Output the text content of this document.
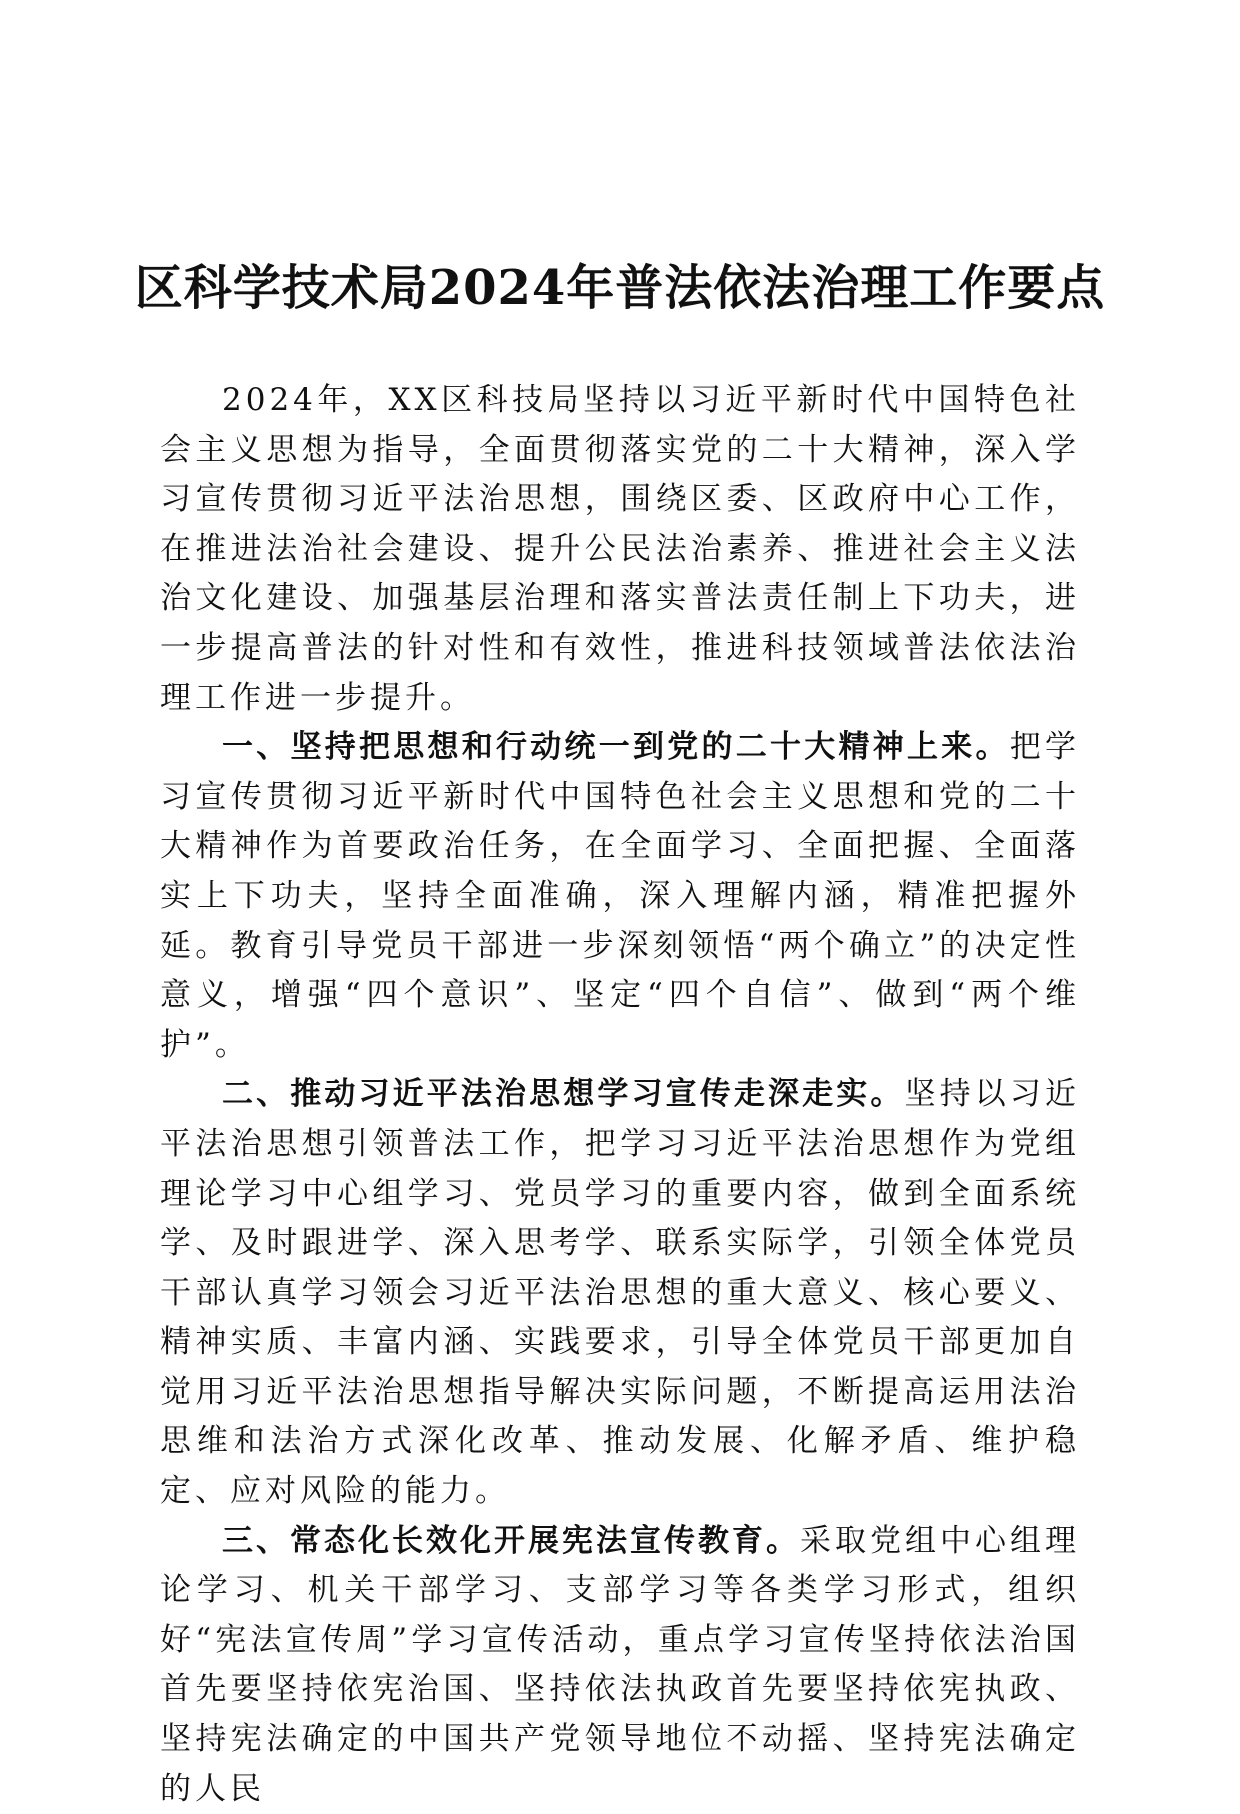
区科学技术局2024年普法依法治理工作要点

2024年，XX区科技局坚持以习近平新时代中国特色社会主义思想为指导，全面贯彻落实党的二十大精神，深入学习宣传贯彻习近平法治思想，围绕区委、区政府中心工作，在推进法治社会建设、提升公民法治素养、推进社会主义法治文化建设、加强基层治理和落实普法责任制上下功夫，进一步提高普法的针对性和有效性，推进科技领域普法依法治理工作进一步提升。

一、坚持把思想和行动统一到党的二十大精神上来。把学习宣传贯彻习近平新时代中国特色社会主义思想和党的二十大精神作为首要政治任务，在全面学习、全面把握、全面落实上下功夫，坚持全面准确，深入理解内涵，精准把握外延。教育引导党员干部进一步深刻领悟“两个确立”的决定性意义，增强“四个意识”、坚定“四个自信”、做到“两个维护”。

二、推动习近平法治思想学习宣传走深走实。坚持以习近平法治思想引领普法工作，把学习习近平法治思想作为党组理论学习中心组学习、党员学习的重要内容，做到全面系统学、及时跟进学、深入思考学、联系实际学，引领全体党员干部认真学习领会习近平法治思想的重大意义、核心要义、精神实质、丰富内涵、实践要求，引导全体党员干部更加自觉用习近平法治思想指导解决实际问题，不断提高运用法治思维和法治方式深化改革、推动发展、化解矛盾、维护稳定、应对风险的能力。

三、常态化长效化开展宪法宣传教育。采取党组中心组理论学习、机关干部学习、支部学习等各类学习形式，组织好“宪法宣传周”学习宣传活动，重点学习宣传坚持依法治国首先要坚持依宪治国、坚持依法执政首先要坚持依宪执政、坚持宪法确定的中国共产党领导地位不动摇、坚持宪法确定的人民
